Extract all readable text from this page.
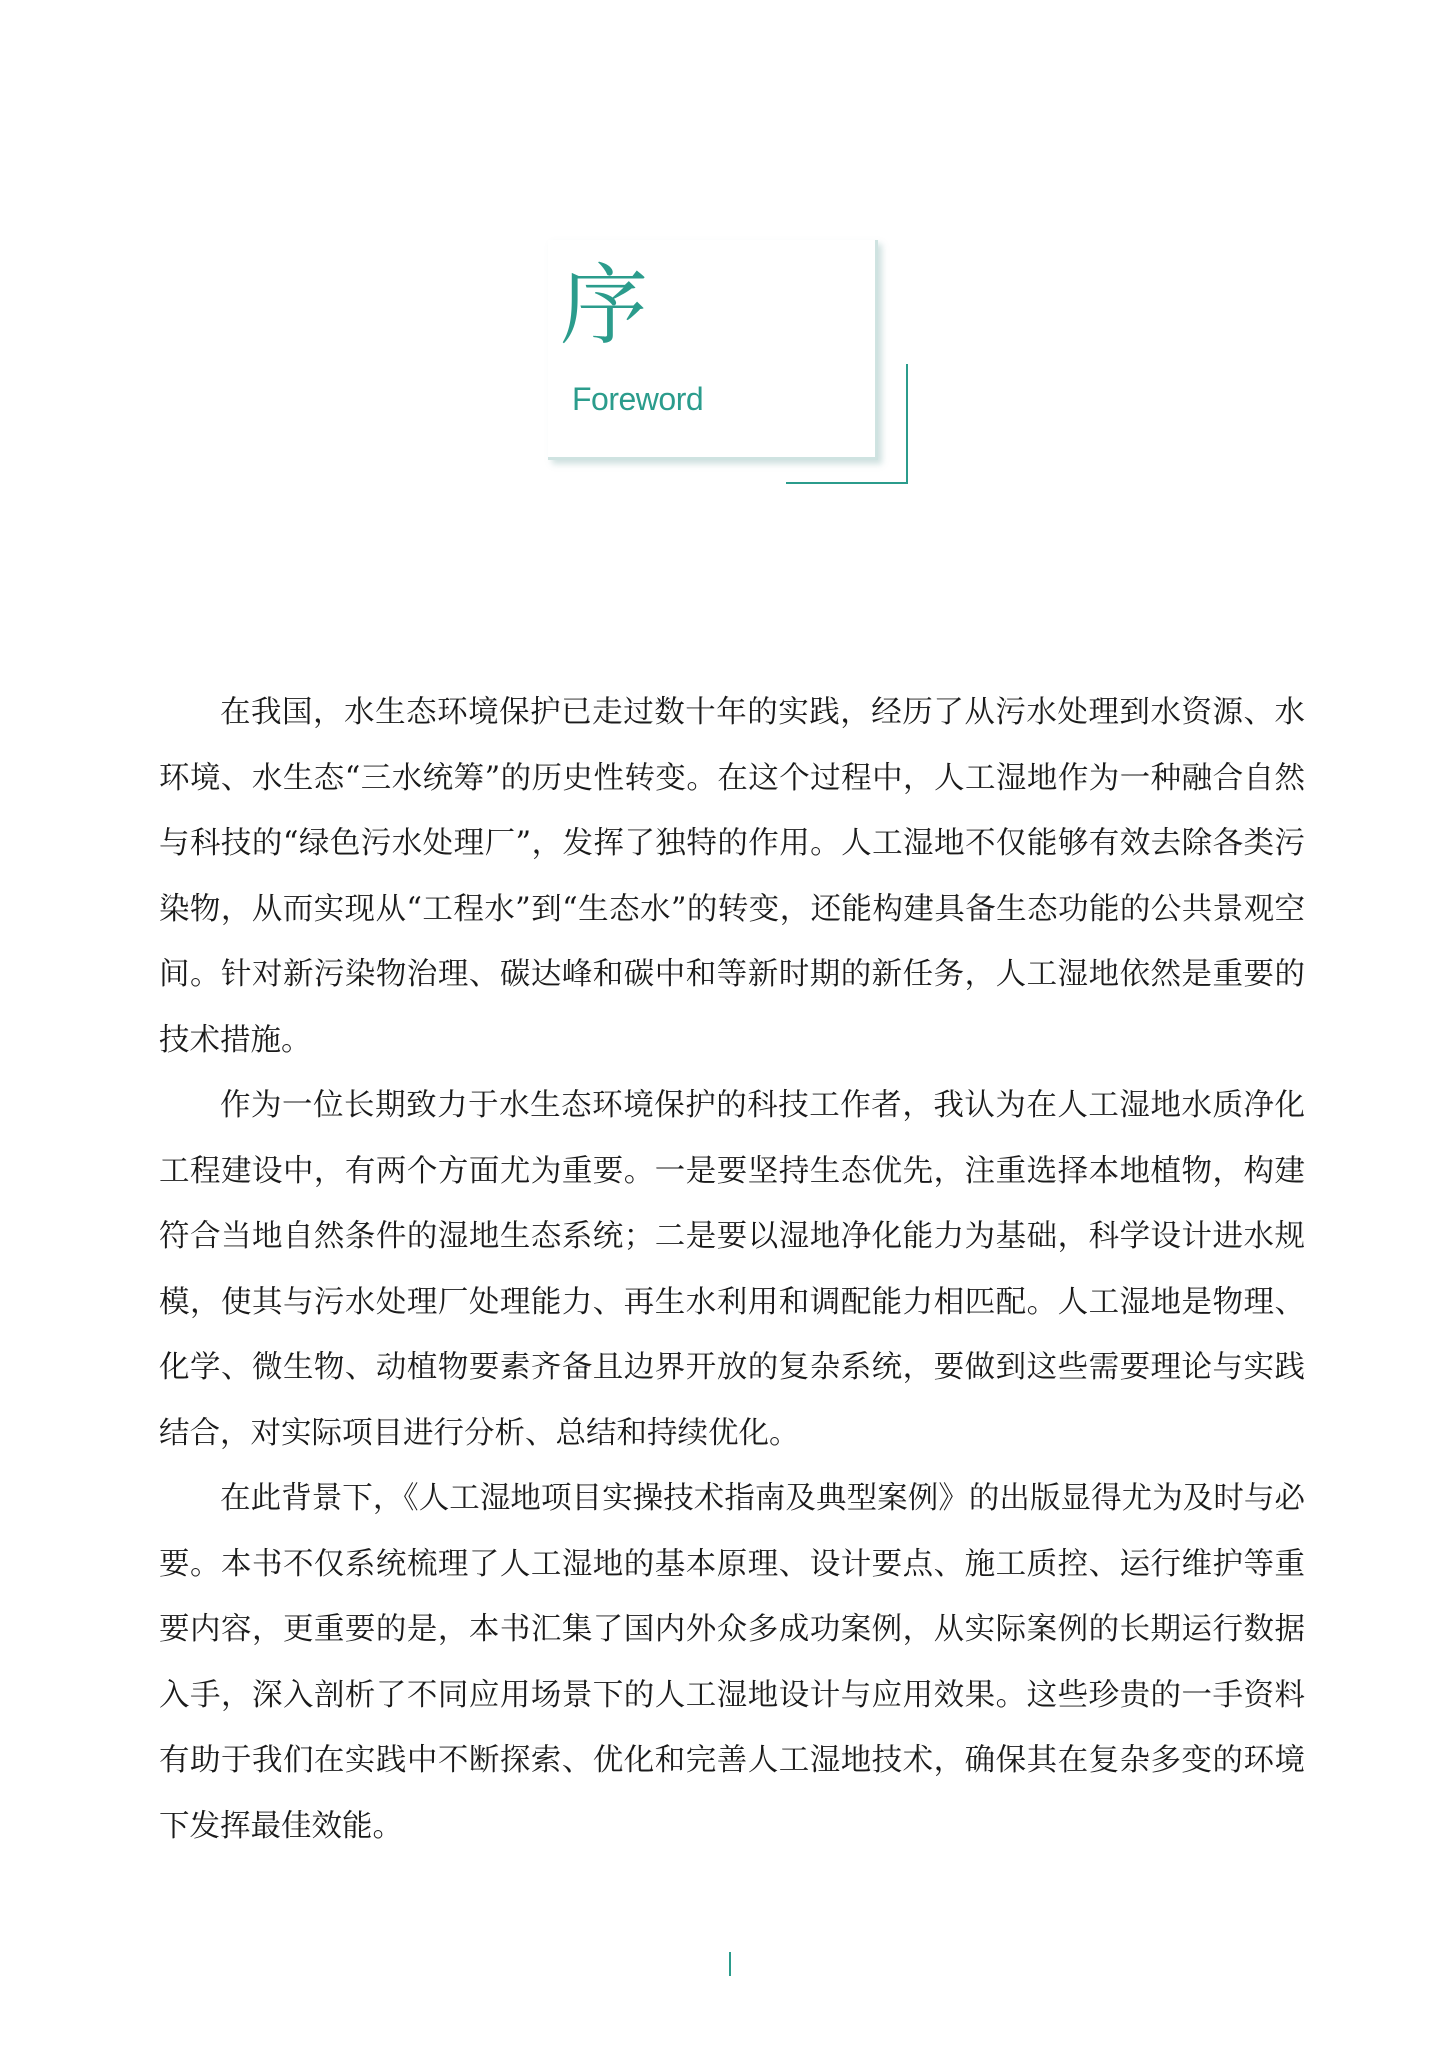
序
Foreword

在我国，水生态环境保护已走过数十年的实践，经历了从污水处理到水资源、水环境、水生态“三水统筹”的历史性转变。在这个过程中，人工湿地作为一种融合自然与科技的“绿色污水处理厂”，发挥了独特的作用。人工湿地不仅能够有效去除各类污染物，从而实现从“工程水”到“生态水”的转变，还能构建具备生态功能的公共景观空间。针对新污染物治理、碳达峰和碳中和等新时期的新任务，人工湿地依然是重要的技术措施。

作为一位长期致力于水生态环境保护的科技工作者，我认为在人工湿地水质净化工程建设中，有两个方面尤为重要。一是要坚持生态优先，注重选择本地植物，构建符合当地自然条件的湿地生态系统；二是要以湿地净化能力为基础，科学设计进水规模，使其与污水处理厂处理能力、再生水利用和调配能力相匹配。人工湿地是物理、化学、微生物、动植物要素齐备且边界开放的复杂系统，要做到这些需要理论与实践结合，对实际项目进行分析、总结和持续优化。

在此背景下，《人工湿地项目实操技术指南及典型案例》的出版显得尤为及时与必要。本书不仅系统梳理了人工湿地的基本原理、设计要点、施工质控、运行维护等重要内容，更重要的是，本书汇集了国内外众多成功案例，从实际案例的长期运行数据入手，深入剖析了不同应用场景下的人工湿地设计与应用效果。这些珍贵的一手资料有助于我们在实践中不断探索、优化和完善人工湿地技术，确保其在复杂多变的环境下发挥最佳效能。
